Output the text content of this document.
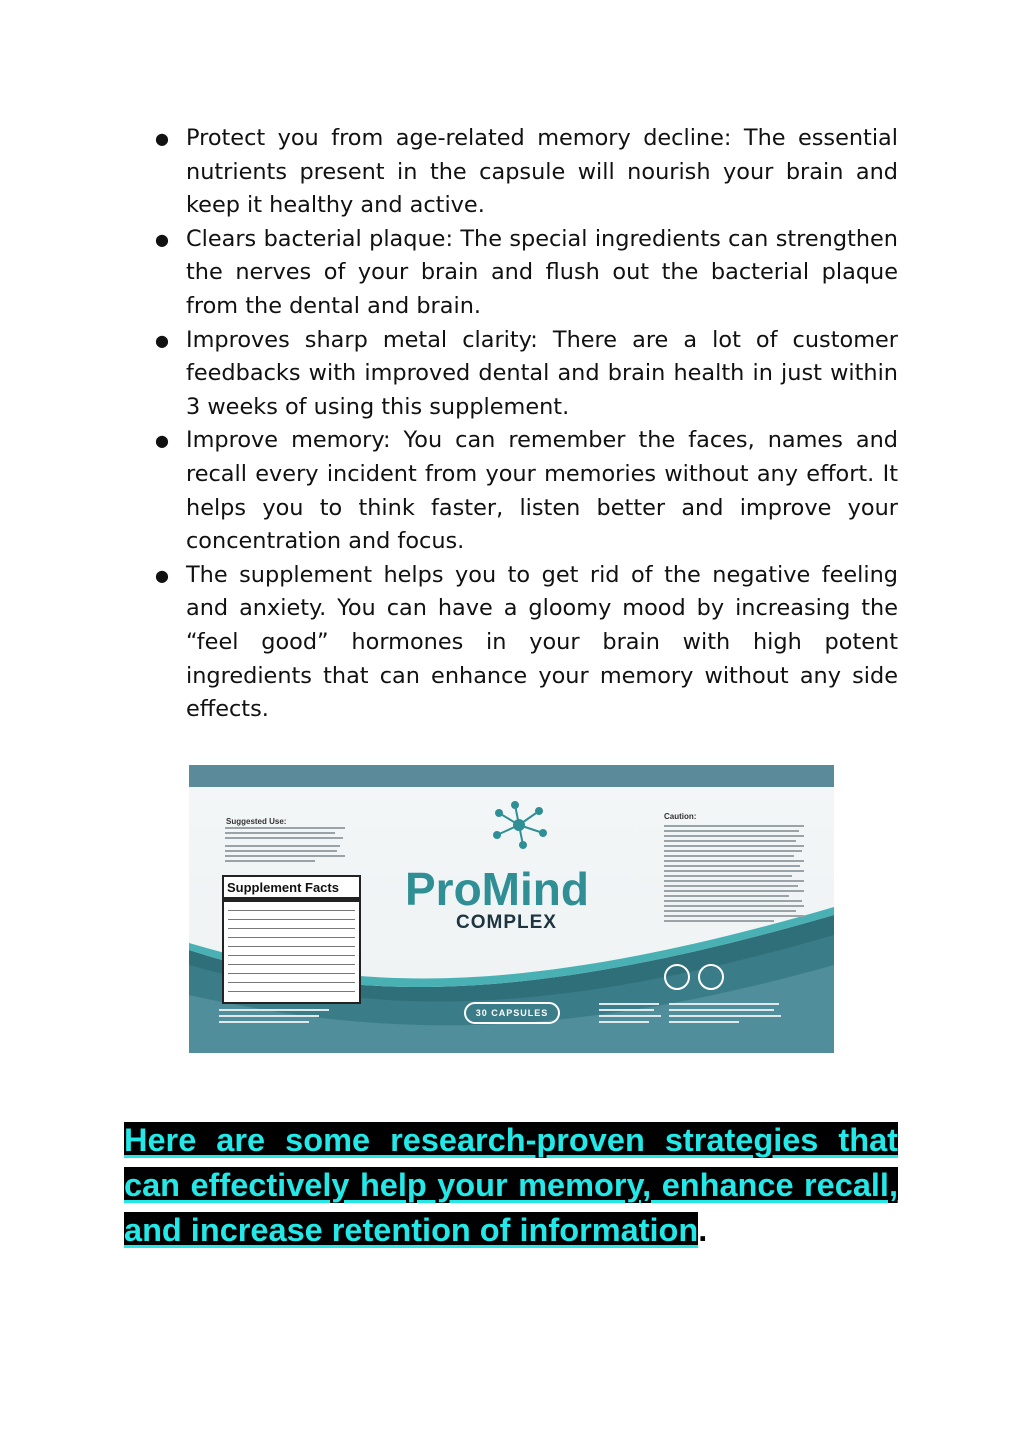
● Protect you from age-related memory decline: The essential nutrients present in the capsule will nourish your brain and keep it healthy and active.
● Clears bacterial plaque: The special ingredients can strengthen the nerves of your brain and flush out the bacterial plaque from the dental and brain.
● Improves sharp metal clarity: There are a lot of customer feedbacks with improved dental and brain health in just within 3 weeks of using this supplement.
● Improve memory: You can remember the faces, names and recall every incident from your memories without any effort. It helps you to think faster, listen better and improve your concentration and focus.
● The supplement helps you to get rid of the negative feeling and anxiety. You can have a gloomy mood by increasing the “feel good” hormones in your brain with high potent ingredients that can enhance your memory without any side effects.
Suggested Use:
Caution:
Supplement Facts	ProMind
COMPLEX
30 CAPSULES

Here are some research-proven strategies that can effectively help your memory, enhance recall, and increase retention of information.
